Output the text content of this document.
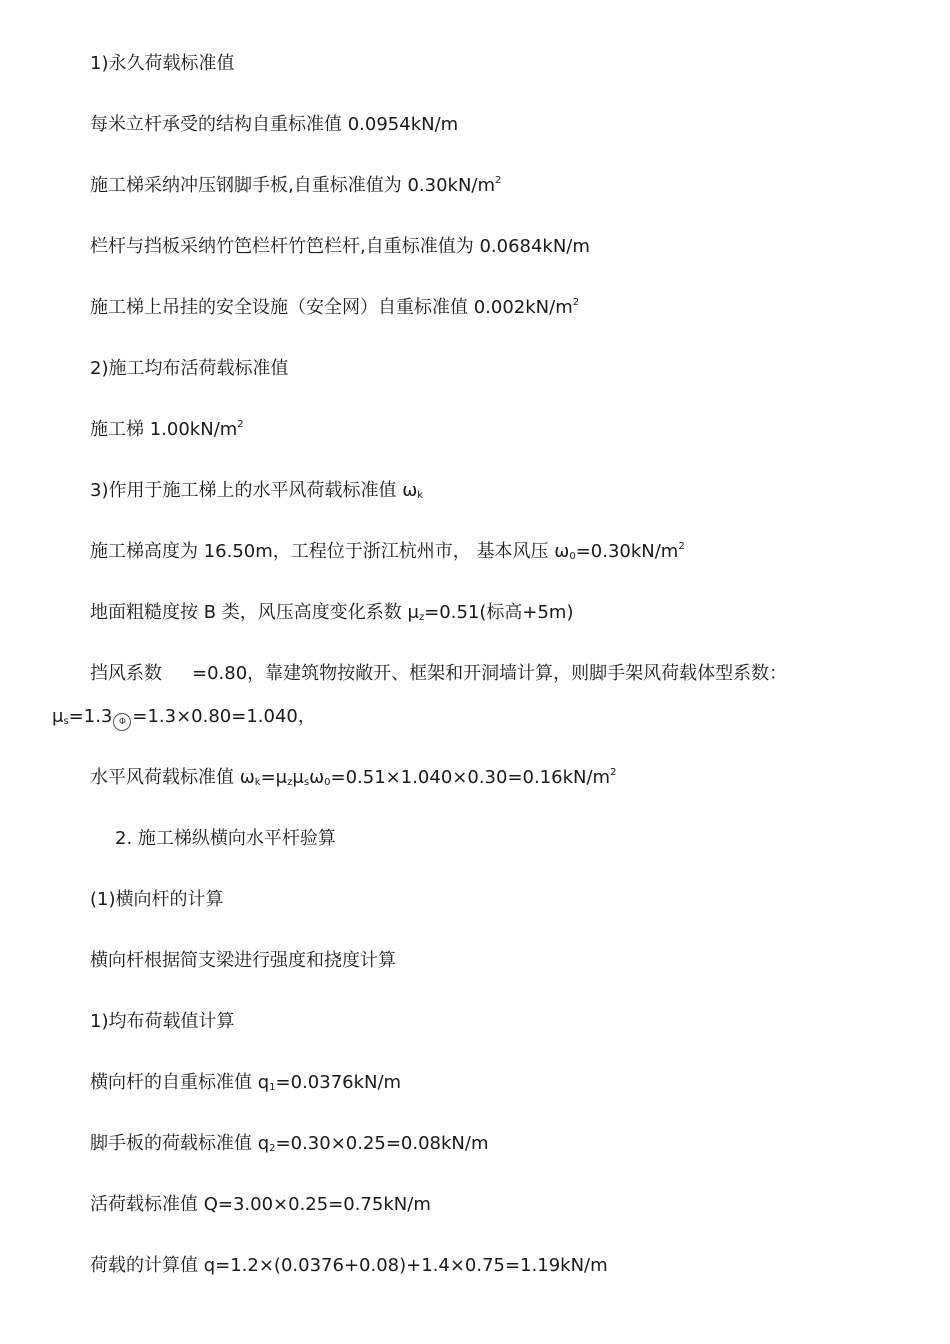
1)永久荷载标准值
每米立杆承受的结构自重标准值 0.0954kN/m
施工梯采纳冲压钢脚手板,自重标准值为 $0.30kN/m^2$
栏杆与挡板采纳竹笆栏杆竹笆栏杆,自重标准值为 0.0684kN/m
施工梯上吊挂的安全设施（安全网）自重标准值 $0.002kN/m^2$
2)施工均布活荷载标准值
施工梯 $1.00kN/m^2$
3)作用于施工梯上的水平风荷载标准值 $\omega_k$
施工梯高度为 16.50m，工程位于浙江杭州市， 基本风压 $\omega_0=0.30kN/m^2$
地面粗糙度按 B 类，风压高度变化系数 $\mu_z=0.51$(标高+5m)
挡风系数 =0.80，靠建筑物按敞开、框架和开洞墙计算，则脚手架风荷载体型系数：
$\mu_s=1.3$ Φ =1.3×0.80=1.040，
水平风荷载标准值 $\omega_k=\mu_z\mu_s\omega_0=0.51\times 1.040\times 0.30=0.16kN/m^2$
2. 施工梯纵横向水平杆验算
(1)横向杆的计算
横向杆根据简支梁进行强度和挠度计算
1)均布荷载值计算
横向杆的自重标准值 $q_1=0.0376kN/m$
脚手板的荷载标准值 $q_2=0.30\times 0.25=0.08kN/m$
活荷载标准值 Q=3.00×0.25=0.75kN/m
荷载的计算值 q=1.2×(0.0376+0.08)+1.4×0.75=1.19kN/m
